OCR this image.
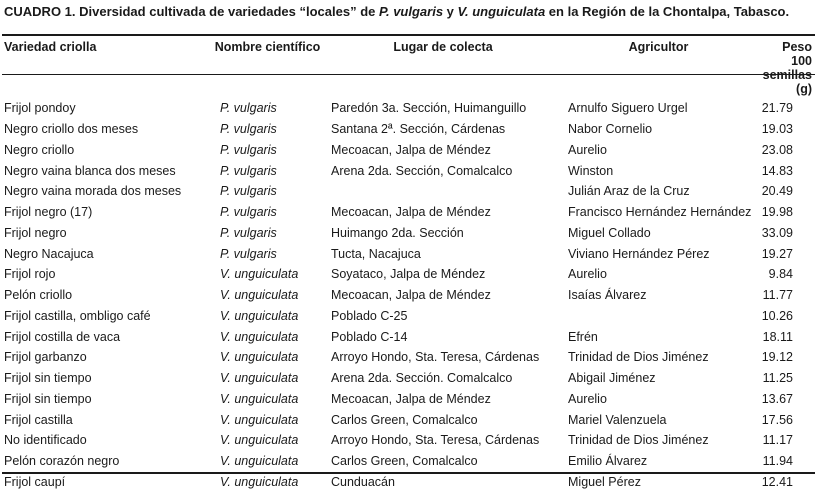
CUADRO 1. Diversidad cultivada de variedades “locales” de P. vulgaris y V. unguiculata en la Región de la Chontalpa, Tabasco.
Variedad criolla	Nombre científico	Lugar de colecta	Agricultor	Peso 100
semillas (g)
Frijol pondoy	P. vulgaris	Paredón 3a. Sección, Huimanguillo	Arnulfo Siguero Urgel	21.79
Negro criollo dos meses	P. vulgaris	Santana 2ª. Sección, Cárdenas	Nabor Cornelio	19.03
Negro criollo	P. vulgaris	Mecoacan, Jalpa de Méndez	Aurelio	23.08
Negro vaina blanca dos meses	P. vulgaris	Arena 2da. Sección, Comalcalco	Winston	14.83
Negro vaina morada dos meses	P. vulgaris		Julián Araz de la Cruz	20.49
Frijol negro (17)	P. vulgaris	Mecoacan, Jalpa de Méndez	Francisco Hernández Hernández	19.98
Frijol negro	P. vulgaris	Huimango 2da. Sección	Miguel Collado	33.09
Negro Nacajuca	P. vulgaris	Tucta, Nacajuca	Viviano Hernández Pérez	19.27
Frijol rojo	V. unguiculata	Soyataco, Jalpa de Méndez	Aurelio	9.84
Pelón criollo	V. unguiculata	Mecoacan, Jalpa de Méndez	Isaías Álvarez	11.77
Frijol castilla, ombligo café	V. unguiculata	Poblado C-25		10.26
Frijol costilla de vaca	V. unguiculata	Poblado C-14	Efrén	18.11
Frijol garbanzo	V. unguiculata	Arroyo Hondo, Sta. Teresa, Cárdenas	Trinidad de Dios Jiménez	19.12
Frijol sin tiempo	V. unguiculata	Arena 2da. Sección. Comalcalco	Abigail Jiménez	11.25
Frijol sin tiempo	V. unguiculata	Mecoacan, Jalpa de Méndez	Aurelio	13.67
Frijol castilla	V. unguiculata	Carlos Green, Comalcalco	Mariel Valenzuela	17.56
No identificado	V. unguiculata	Arroyo Hondo, Sta. Teresa, Cárdenas	Trinidad de Dios Jiménez	11.17
Pelón corazón negro	V. unguiculata	Carlos Green, Comalcalco	Emilio Álvarez	11.94
Frijol caupí	V. unguiculata	Cunduacán	Miguel Pérez	12.41
